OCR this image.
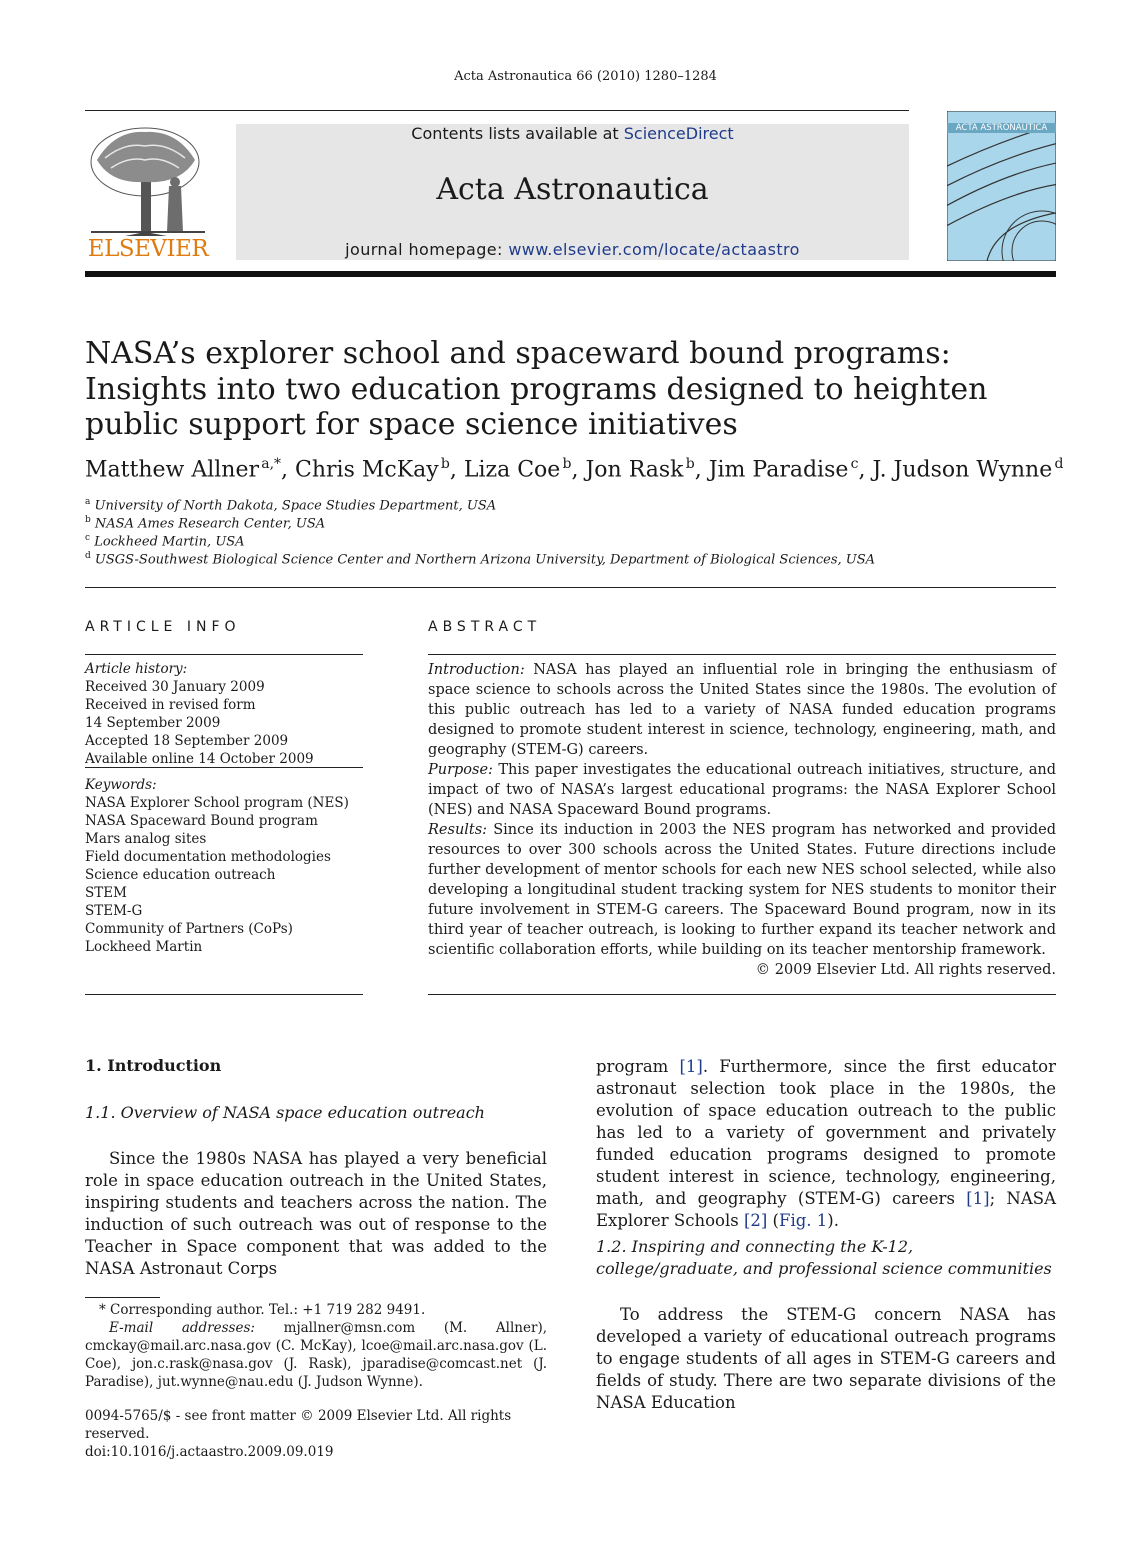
Acta Astronautica 66 (2010) 1280–1284
ELSEVIER
Contents lists available at ScienceDirect
Acta Astronautica
journal homepage: www.elsevier.com/locate/actaastro
ACTA ASTRONAUTICA
NASA’s explorer school and spaceward bound programs: Insights into two education programs designed to heighten public support for space science initiatives
Matthew Allner  $^{a,*}$, Chris McKay  $^b$, Liza Coe  $^b$, Jon Rask  $^b$, Jim Paradise  $^c$, J. Judson Wynne  $^d$
$^a$ University of North Dakota, Space Studies Department, USA
$^b$ NASA Ames Research Center, USA
$^c$ Lockheed Martin, USA
$^d$ USGS-Southwest Biological Science Center and Northern Arizona University, Department of Biological Sciences, USA
ARTICLE INFO
Article history:
Received 30 January 2009
Received in revised form
14 September 2009
Accepted 18 September 2009
Available online 14 October 2009
Keywords:
NASA Explorer School program (NES)
NASA Spaceward Bound program
Mars analog sites
Field documentation methodologies
Science education outreach
STEM
STEM-G
Community of Partners (CoPs)
Lockheed Martin
ABSTRACT

Introduction: NASA has played an influential role in bringing the enthusiasm of space science to schools across the United States since the 1980s. The evolution of this public outreach has led to a variety of NASA funded education programs designed to promote student interest in science, technology, engineering, math, and geography (STEM-G) careers.

Purpose: This paper investigates the educational outreach initiatives, structure, and impact of two of NASA’s largest educational programs: the NASA Explorer School (NES) and NASA Spaceward Bound programs.

Results: Since its induction in 2003 the NES program has networked and provided resources to over 300 schools across the United States. Future directions include further development of mentor schools for each new NES school selected, while also developing a longitudinal student tracking system for NES students to monitor their future involvement in STEM-G careers. The Spaceward Bound program, now in its third year of teacher outreach, is looking to further expand its teacher network and scientific collaboration efforts, while building on its teacher mentorship framework.

© 2009 Elsevier Ltd. All rights reserved.

1. Introduction
1.1. Overview of NASA space education outreach
Since the 1980s NASA has played a very beneficial role in space education outreach in the United States, inspiring students and teachers across the nation. The induction of such outreach was out of response to the Teacher in Space component that was added to the NASA Astronaut Corps
* Corresponding author. Tel.: +1 719 282 9491.
E-mail addresses: mjallner@msn.com (M. Allner), cmckay@mail.arc.nasa.gov (C. McKay), lcoe@mail.arc.nasa.gov (L. Coe), jon.c.rask@nasa.gov (J. Rask), jparadise@comcast.net (J. Paradise), jut.wynne@nau.edu (J. Judson Wynne).
0094-5765/$ - see front matter © 2009 Elsevier Ltd. All rights reserved.
doi:10.1016/j.actaastro.2009.09.019
program [1]. Furthermore, since the first educator astronaut selection took place in the 1980s, the evolution of space education outreach to the public has led to a variety of government and privately funded education programs designed to promote student interest in science, technology, engineering, math, and geography (STEM-G) careers [1]; NASA Explorer Schools [2] (Fig. 1).
1.2. Inspiring and connecting the K-12, college/graduate, and professional science communities
To address the STEM-G concern NASA has developed a variety of educational outreach programs to engage students of all ages in STEM-G careers and fields of study. There are two separate divisions of the NASA Education
